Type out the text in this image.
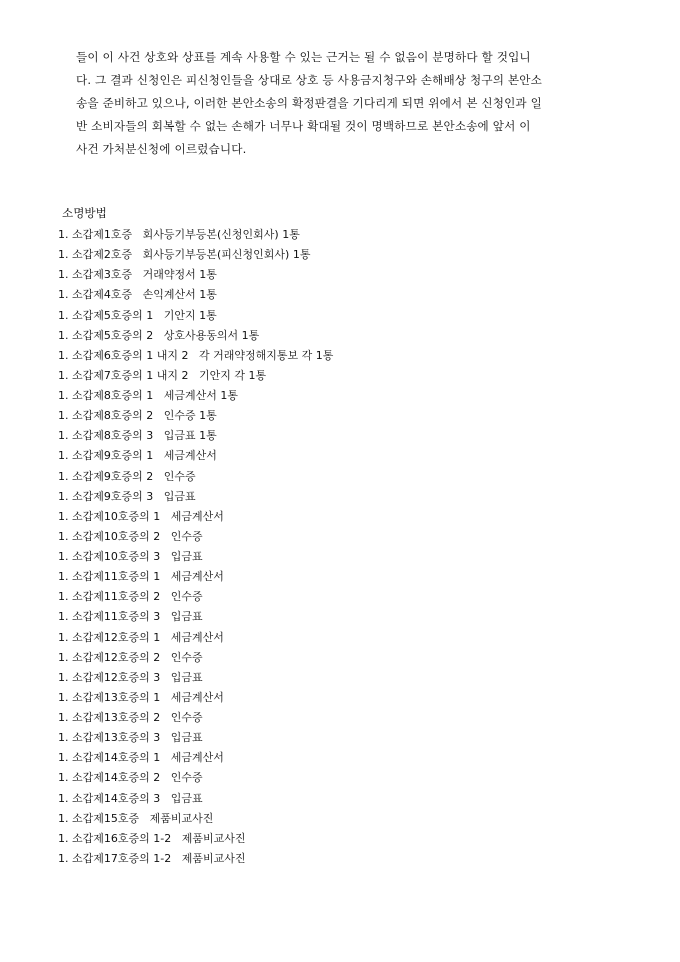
들이 이 사건 상호와 상표를 계속 사용할 수 있는 근거는 될 수 없음이 분명하다 할 것입니
다. 그 결과 신청인은 피신청인들을 상대로 상호 등 사용금지청구와 손해배상 청구의 본안소
송을 준비하고 있으나, 이러한 본안소송의 확정판결을 기다리게 되면 위에서 본 신청인과 일
반 소비자들의 회복할 수 없는 손해가 너무나 확대될 것이 명백하므로 본안소송에 앞서 이
사건 가처분신청에 이르렀습니다.
소명방법
1. 소갑제1호증 회사등기부등본(신청인회사) 1통
1. 소갑제2호증 회사등기부등본(피신청인회사) 1통
1. 소갑제3호증 거래약정서 1통
1. 소갑제4호증 손익계산서 1통
1. 소갑제5호증의 1 기안지 1통
1. 소갑제5호증의 2 상호사용동의서 1통
1. 소갑제6호증의 1 내지 2 각 거래약정해지통보 각 1통
1. 소갑제7호증의 1 내지 2 기안지 각 1통
1. 소갑제8호증의 1 세금계산서 1통
1. 소갑제8호증의 2 인수증 1통
1. 소갑제8호증의 3 입금표 1통
1. 소갑제9호증의 1 세금계산서
1. 소갑제9호증의 2 인수증
1. 소갑제9호증의 3 입금표
1. 소갑제10호증의 1 세금계산서
1. 소갑제10호증의 2 인수증
1. 소갑제10호증의 3 입금표
1. 소갑제11호증의 1 세금계산서
1. 소갑제11호증의 2 인수증
1. 소갑제11호증의 3 입금표
1. 소갑제12호증의 1 세금계산서
1. 소갑제12호증의 2 인수증
1. 소갑제12호증의 3 입금표
1. 소갑제13호증의 1 세금계산서
1. 소갑제13호증의 2 인수증
1. 소갑제13호증의 3 입금표
1. 소갑제14호증의 1 세금계산서
1. 소갑제14호증의 2 인수증
1. 소갑제14호증의 3 입금표
1. 소갑제15호증 제품비교사진
1. 소갑제16호증의 1-2 제품비교사진
1. 소갑제17호증의 1-2 제품비교사진
